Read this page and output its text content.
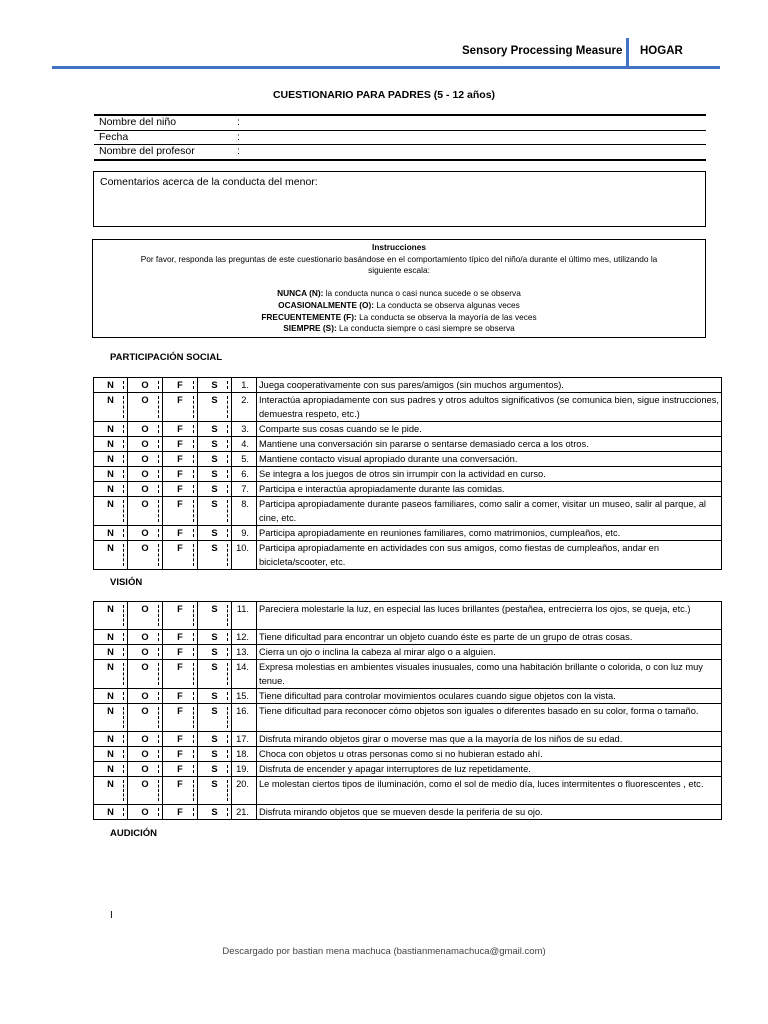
Sensory Processing Measure HOGAR
CUESTIONARIO PARA PADRES (5 - 12 años)
Nombre del niño	:
Fecha	:
Nombre del profesor	:
Comentarios acerca de la conducta del menor:
Instrucciones
Por favor, responda las preguntas de este cuestionario basándose en el comportamiento típico del niño/a durante el último mes, utilizando la
siguiente escala:
NUNCA (N): la conducta nunca o casi nunca sucede o se observa
OCASIONALMENTE (O): La conducta se observa algunas veces
FRECUENTEMENTE (F): La conducta se observa la mayoría de las veces
SIEMPRE (S): La conducta siempre o casi siempre se observa
PARTICIPACIÓN SOCIAL
N	O	F	S	1.	Juega cooperativamente con sus pares/amigos (sin muchos argumentos).
N	O	F	S	2.	Interactúa apropiadamente con sus padres y otros adultos significativos (se comunica bien, sigue instrucciones, demuestra respeto, etc.)
N	O	F	S	3.	Comparte sus cosas cuando se le pide.
N	O	F	S	4.	Mantiene una conversación sin pararse o sentarse demasiado cerca a los otros.
N	O	F	S	5.	Mantiene contacto visual apropiado durante una conversación.
N	O	F	S	6.	Se integra a los juegos de otros sin irrumpir con la actividad en curso.
N	O	F	S	7.	Participa e interactúa apropiadamente durante las comidas.
N	O	F	S	8.	Participa apropiadamente durante paseos familiares, como salir a comer, visitar un museo, salir al parque, al cine, etc.
N	O	F	S	9.	Participa apropiadamente en reuniones familiares, como matrimonios, cumpleaños, etc.
N	O	F	S	10.	Participa apropiadamente en actividades con sus amigos, como fiestas de cumpleaños, andar en bicicleta/scooter, etc.
VISIÓN
N	O	F	S	11.	Pareciera molestarle la luz, en especial las luces brillantes (pestañea, entrecierra los ojos, se queja, etc.)
N	O	F	S	12.	Tiene dificultad para encontrar un objeto cuando éste es parte de un grupo de otras cosas.
N	O	F	S	13.	Cierra un ojo o inclina la cabeza al mirar algo o a alguien.
N	O	F	S	14.	Expresa molestias en ambientes visuales inusuales, como una habitación brillante o colorida, o con luz muy tenue.
N	O	F	S	15.	Tiene dificultad para controlar movimientos oculares cuando sigue objetos con la vista.
N	O	F	S	16.	Tiene dificultad para reconocer cómo objetos son iguales o diferentes basado en su color, forma o tamaño.
N	O	F	S	17.	Disfruta mirando objetos girar o moverse mas que a la mayoría de los niños de su edad.
N	O	F	S	18.	Choca con objetos u otras personas como si no hubieran estado ahí.
N	O	F	S	19.	Disfruta de encender y apagar interruptores de luz repetidamente.
N	O	F	S	20.	Le molestan ciertos tipos de iluminación, como el sol de medio día, luces intermitentes o fluorescentes , etc.
N	O	F	S	21.	Disfruta mirando objetos que se mueven desde la periferia de su ojo.
AUDICIÓN
I
Descargado por bastian mena machuca (bastianmenamachuca@gmail.com)
